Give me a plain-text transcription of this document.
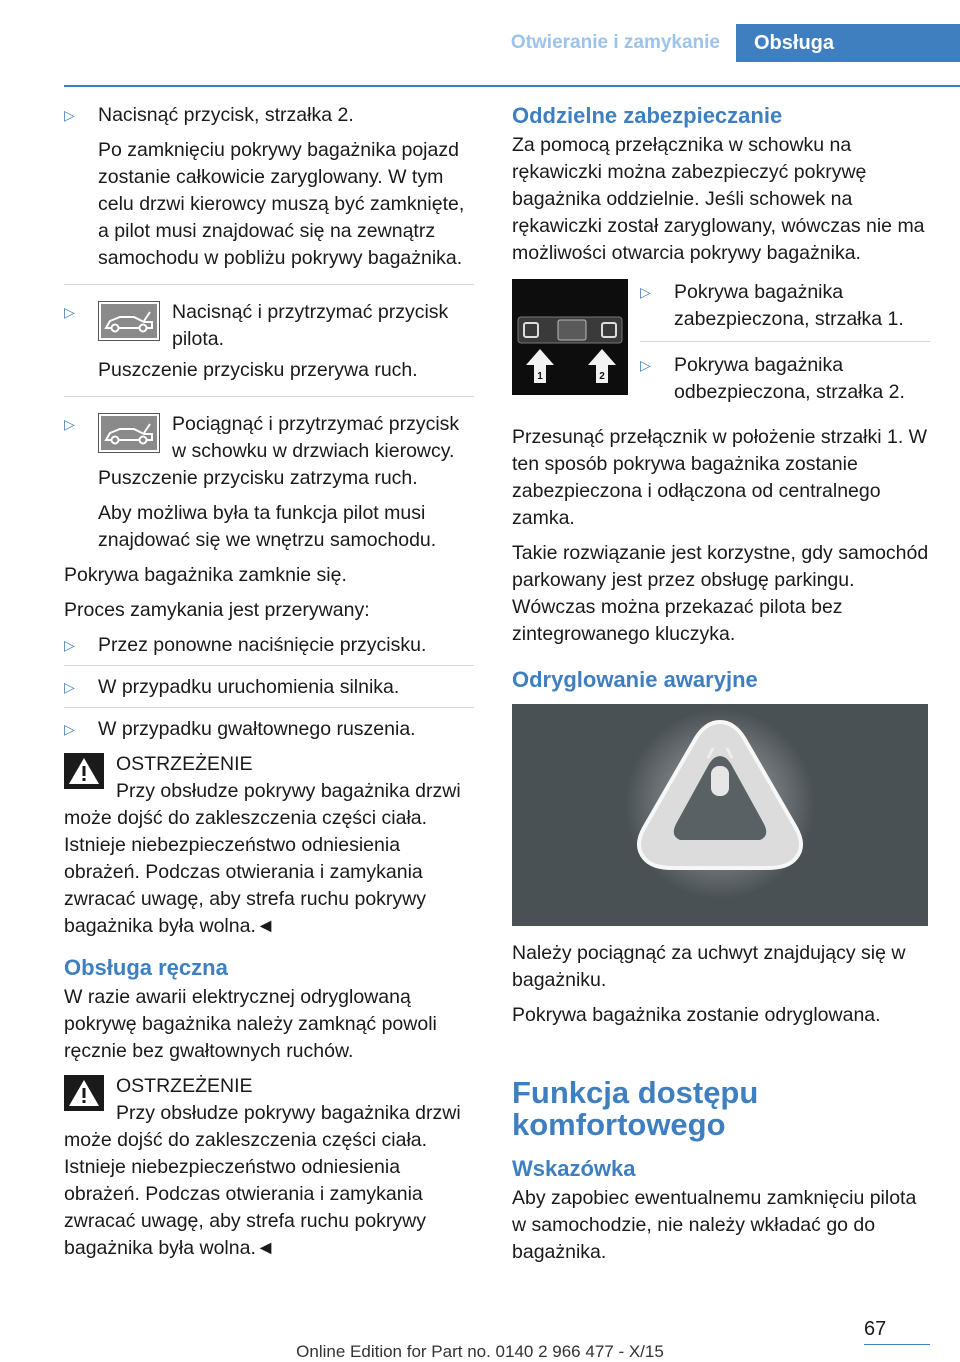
Otwieranie i zamykanie	Obsługa
▷ Nacisnąć przycisk, strzałka 2.

Po zamknięciu pokrywy bagażnika pojazd zostanie całkowicie zaryglowany. W tym celu drzwi kierowcy muszą być zamknięte, a pilot musi znajdować się na zewnątrz samochodu w pobliżu pokrywy bagażnika.

▷	Nacisnąć i przytrzymać przycisk pilota.

Puszczenie przycisku przerywa ruch.

▷	Pociągnąć i przytrzymać przycisk w schowku w drzwiach kierowcy.

Puszczenie przycisku zatrzyma ruch.

Aby możliwa była ta funkcja pilot musi znajdować się we wnętrzu samochodu.

Pokrywa bagażnika zamknie się.

Proces zamykania jest przerywany:

▷ Przez ponowne naciśnięcie przycisku.

▷ W przypadku uruchomienia silnika.

▷ W przypadku gwałtownego ruszenia.

OSTRZEŻENIE

Przy obsłudze pokrywy bagażnika drzwi

może dojść do zakleszczenia części ciała. Istnieje niebezpieczeństwo odniesienia obrażeń. Podczas otwierania i zamykania zwracać uwagę, aby strefa ruchu pokrywy bagażnika była wolna.◄

Obsługa ręczna

W razie awarii elektrycznej odryglowaną pokrywę bagażnika należy zamknąć powoli ręcznie bez gwałtownych ruchów.

OSTRZEŻENIE

Przy obsłudze pokrywy bagażnika drzwi

może dojść do zakleszczenia części ciała. Istnieje niebezpieczeństwo odniesienia obrażeń. Podczas otwierania i zamykania zwracać uwagę, aby strefa ruchu pokrywy bagażnika była wolna.◄

Oddzielne zabezpieczanie

Za pomocą przełącznika w schowku na rękawiczki można zabezpieczyć pokrywę bagażnika oddzielnie. Jeśli schowek na rękawiczki został zaryglowany, wówczas nie ma możliwości otwarcia pokrywy bagażnika.

1	2
▷ Pokrywa bagażnika zabezpieczona, strzałka 1.

▷ Pokrywa bagażnika odbezpieczona, strzałka 2.

Przesunąć przełącznik w położenie strzałki 1. W ten sposób pokrywa bagażnika zostanie zabezpieczona i odłączona od centralnego zamka.

Takie rozwiązanie jest korzystne, gdy samochód parkowany jest przez obsługę parkingu. Wówczas można przekazać pilota bez zintegrowanego kluczyka.

Odryglowanie awaryjne

Należy pociągnąć za uchwyt znajdujący się w bagażniku.

Pokrywa bagażnika zostanie odryglowana.

Funkcja dostępu komfortowego
Wskazówka

Aby zapobiec ewentualnemu zamknięciu pilota w samochodzie, nie należy wkładać go do bagażnika.

67
Online Edition for Part no. 0140 2 966 477 - X/15
